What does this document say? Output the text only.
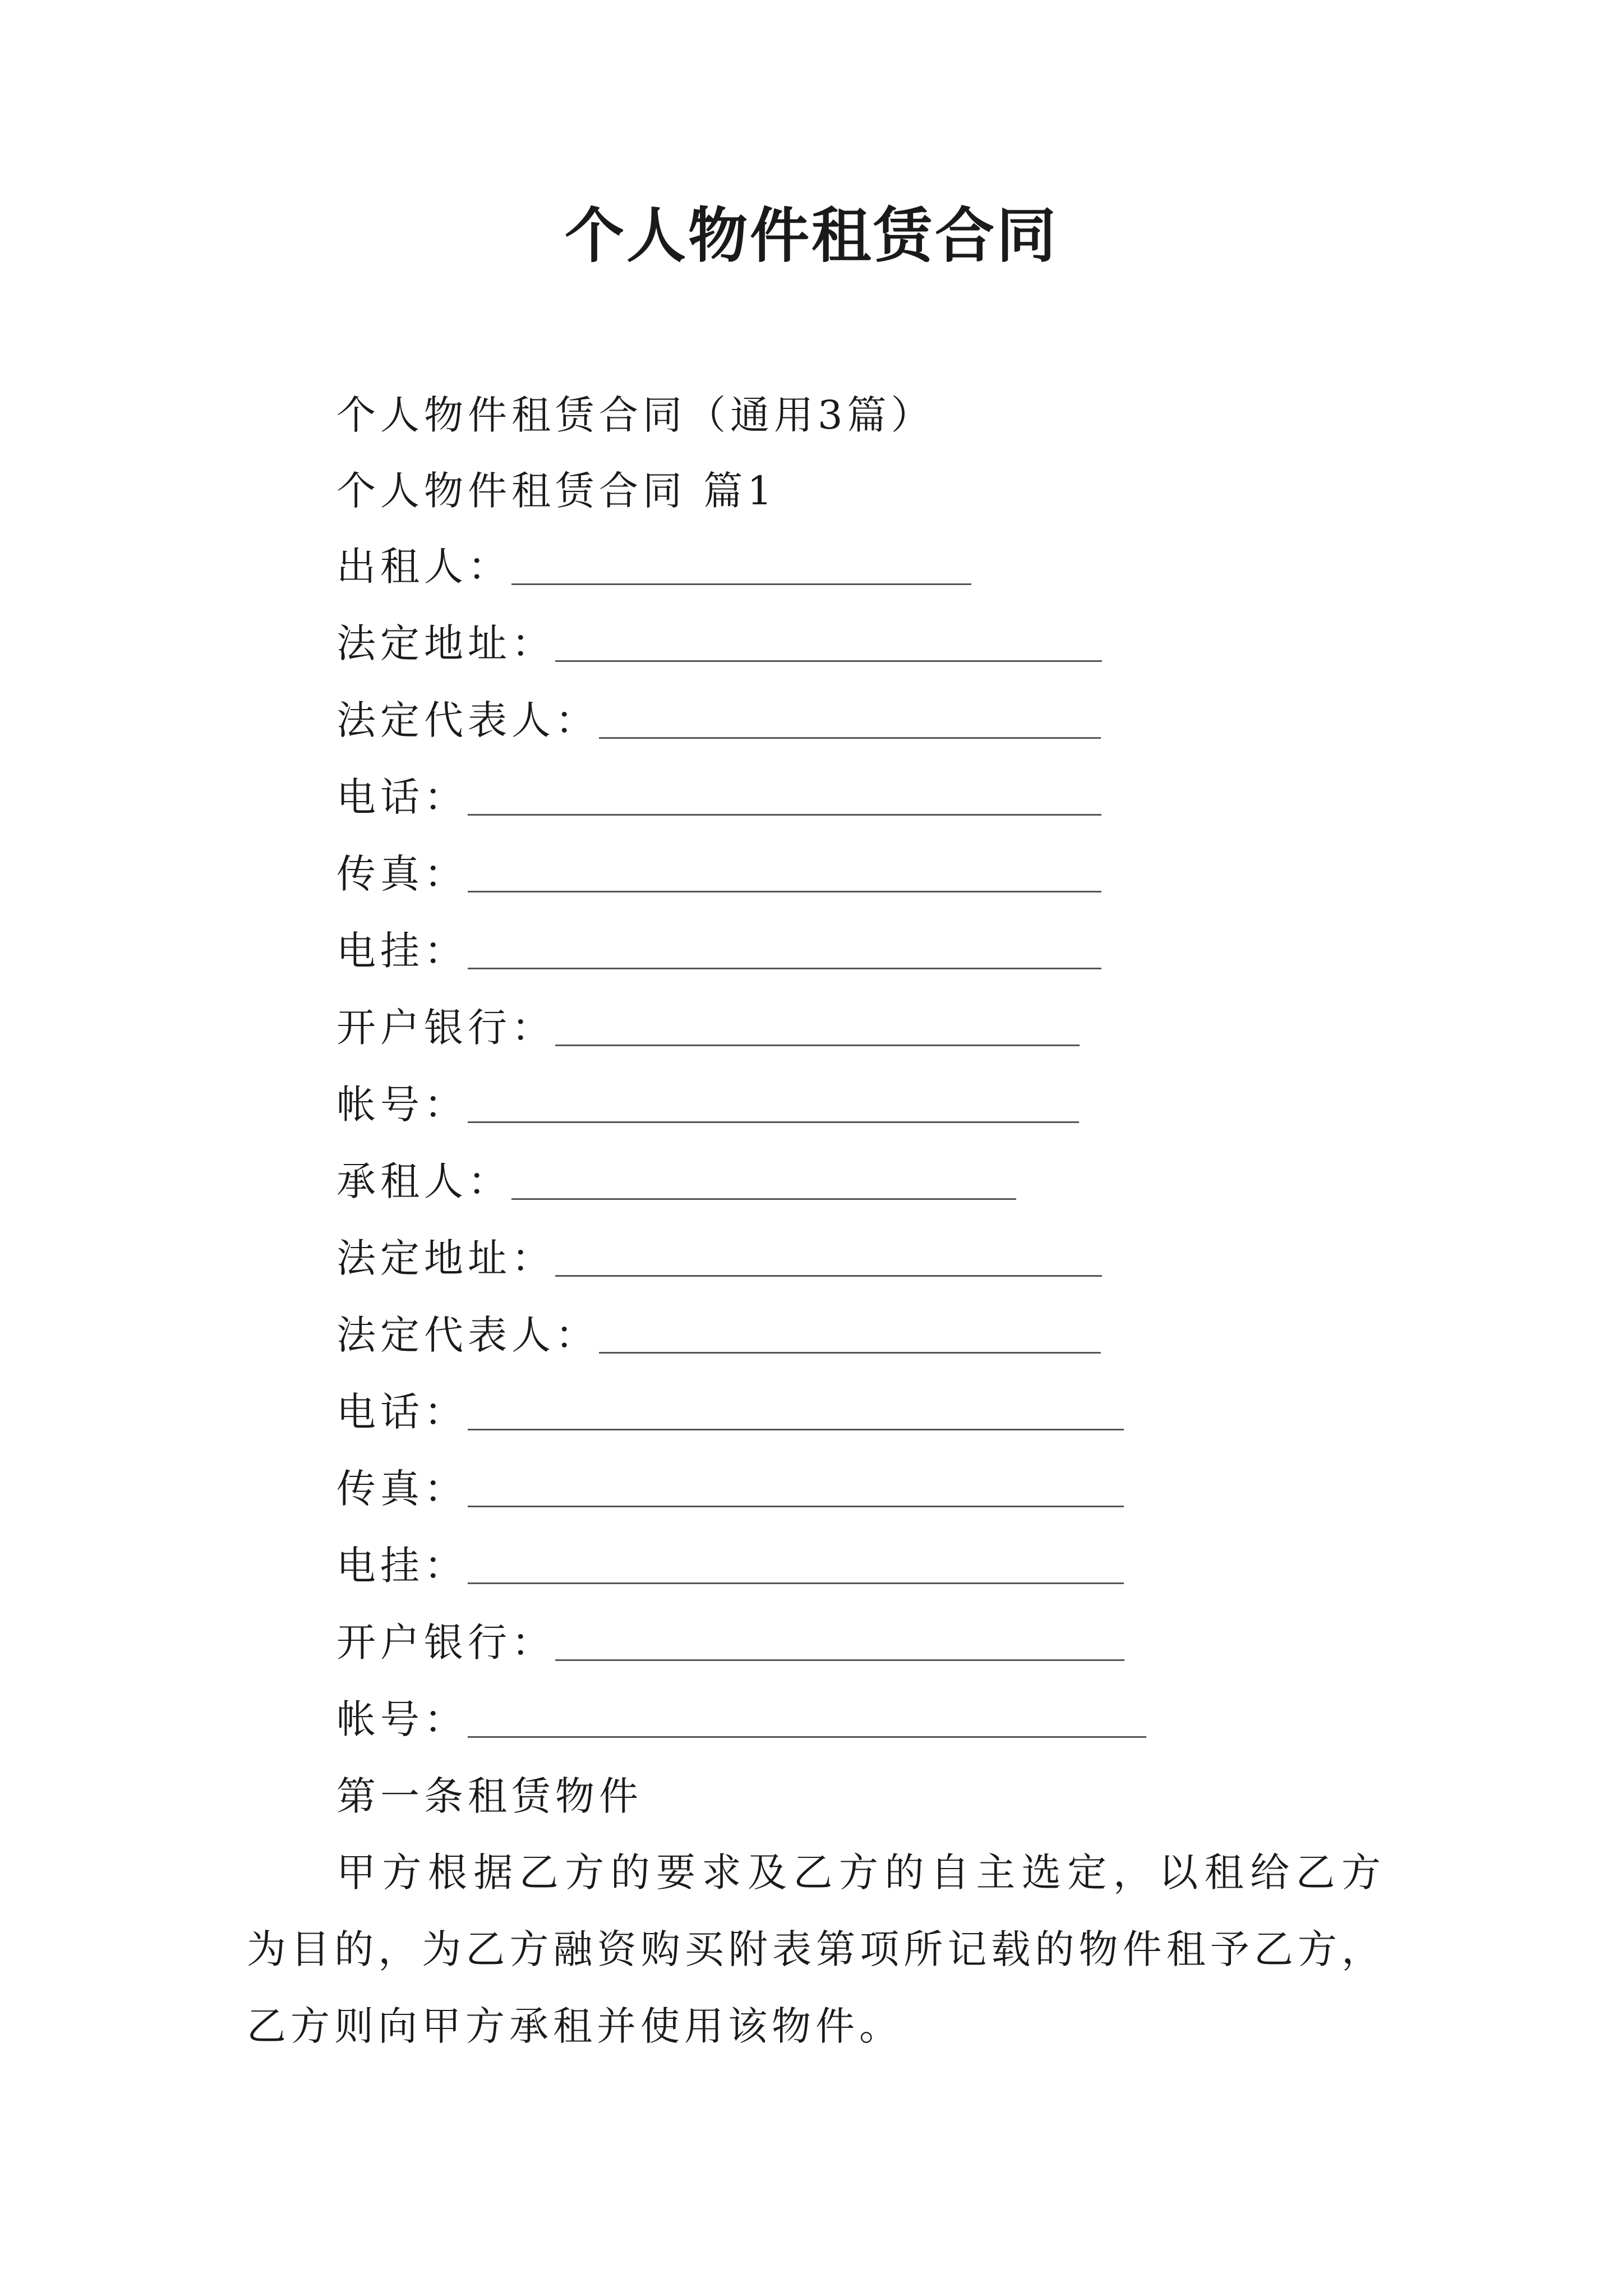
个人物件租赁合同
个人物件租赁合同（通用3篇）
个人物件租赁合同 篇1
出租人：
法定地址：
法定代表人：
电话：
传真：
电挂：
开户银行：
帐号：
承租人：
法定地址：
法定代表人：
电话：
传真：
电挂：
开户银行：
帐号：
第一条租赁物件
甲方根据乙方的要求及乙方的自主选定，以租给乙方为目的，为乙方融资购买附表第项所记载的物件租予乙方，乙方则向甲方承租并使用该物件。
